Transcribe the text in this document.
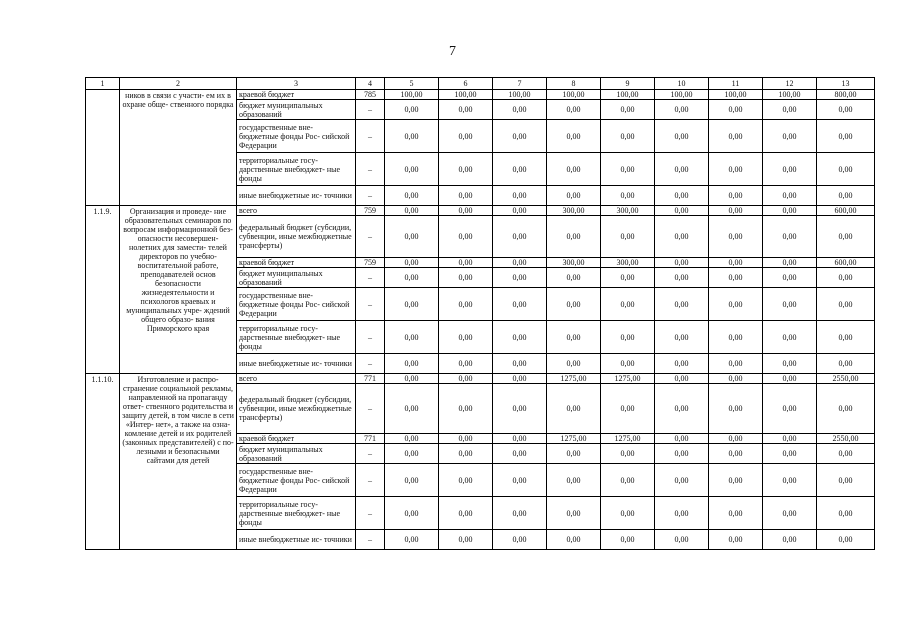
7
1	2	3	4	5	6	7	8	9	10	11	12	13
	ников в связи с участи- ем их в охране обще- ственного порядка	краевой бюджет	785	100,00	100,00	100,00	100,00	100,00	100,00	100,00	100,00	800,00
		бюджет муниципальных образований	–	0,00	0,00	0,00	0,00	0,00	0,00	0,00	0,00	0,00
		государственные вне- бюджетные фонды Рос- сийской Федерации	–	0,00	0,00	0,00	0,00	0,00	0,00	0,00	0,00	0,00
		территориальные госу- дарственные внебюджет- ные фонды	–	0,00	0,00	0,00	0,00	0,00	0,00	0,00	0,00	0,00
		иные внебюджетные ис- точники	–	0,00	0,00	0,00	0,00	0,00	0,00	0,00	0,00	0,00
1.1.9.	Организация и проведе- ние образовательных семинаров по вопросам информационной без- опасности несовершен- нолетних для замести- телей директоров по учебно-воспитательной работе, преподавателей основ безопасности жизнедеятельности и психологов краевых и муниципальных учре- ждений общего образо- вания Приморского края	всего	759	0,00	0,00	0,00	300,00	300,00	0,00	0,00	0,00	600,00
		федеральный бюджет (субсидии, субвенции, иные межбюджетные трансферты)	–	0,00	0,00	0,00	0,00	0,00	0,00	0,00	0,00	0,00
		краевой бюджет	759	0,00	0,00	0,00	300,00	300,00	0,00	0,00	0,00	600,00
		бюджет муниципальных образований	–	0,00	0,00	0,00	0,00	0,00	0,00	0,00	0,00	0,00
		государственные вне- бюджетные фонды Рос- сийской Федерации	–	0,00	0,00	0,00	0,00	0,00	0,00	0,00	0,00	0,00
		территориальные госу- дарственные внебюджет- ные фонды	–	0,00	0,00	0,00	0,00	0,00	0,00	0,00	0,00	0,00
		иные внебюджетные ис- точники	–	0,00	0,00	0,00	0,00	0,00	0,00	0,00	0,00	0,00
1.1.10.	Изготовление и распро- странение социальной рекламы, направленной на пропаганду ответ- ственного родительства и защиту детей, в том числе в сети «Интер- нет», а также на озна- комление детей и их родителей (законных представителей) с по- лезными и безопасными сайтами для детей	всего	771	0,00	0,00	0,00	1275,00	1275,00	0,00	0,00	0,00	2550,00
		федеральный бюджет (субсидии, субвенции, иные межбюджетные трансферты)	–	0,00	0,00	0,00	0,00	0,00	0,00	0,00	0,00	0,00
		краевой бюджет	771	0,00	0,00	0,00	1275,00	1275,00	0,00	0,00	0,00	2550,00
		бюджет муниципальных образований	–	0,00	0,00	0,00	0,00	0,00	0,00	0,00	0,00	0,00
		государственные вне- бюджетные фонды Рос- сийской Федерации	–	0,00	0,00	0,00	0,00	0,00	0,00	0,00	0,00	0,00
		территориальные госу- дарственные внебюджет- ные фонды	–	0,00	0,00	0,00	0,00	0,00	0,00	0,00	0,00	0,00
		иные внебюджетные ис- точники	–	0,00	0,00	0,00	0,00	0,00	0,00	0,00	0,00	0,00
